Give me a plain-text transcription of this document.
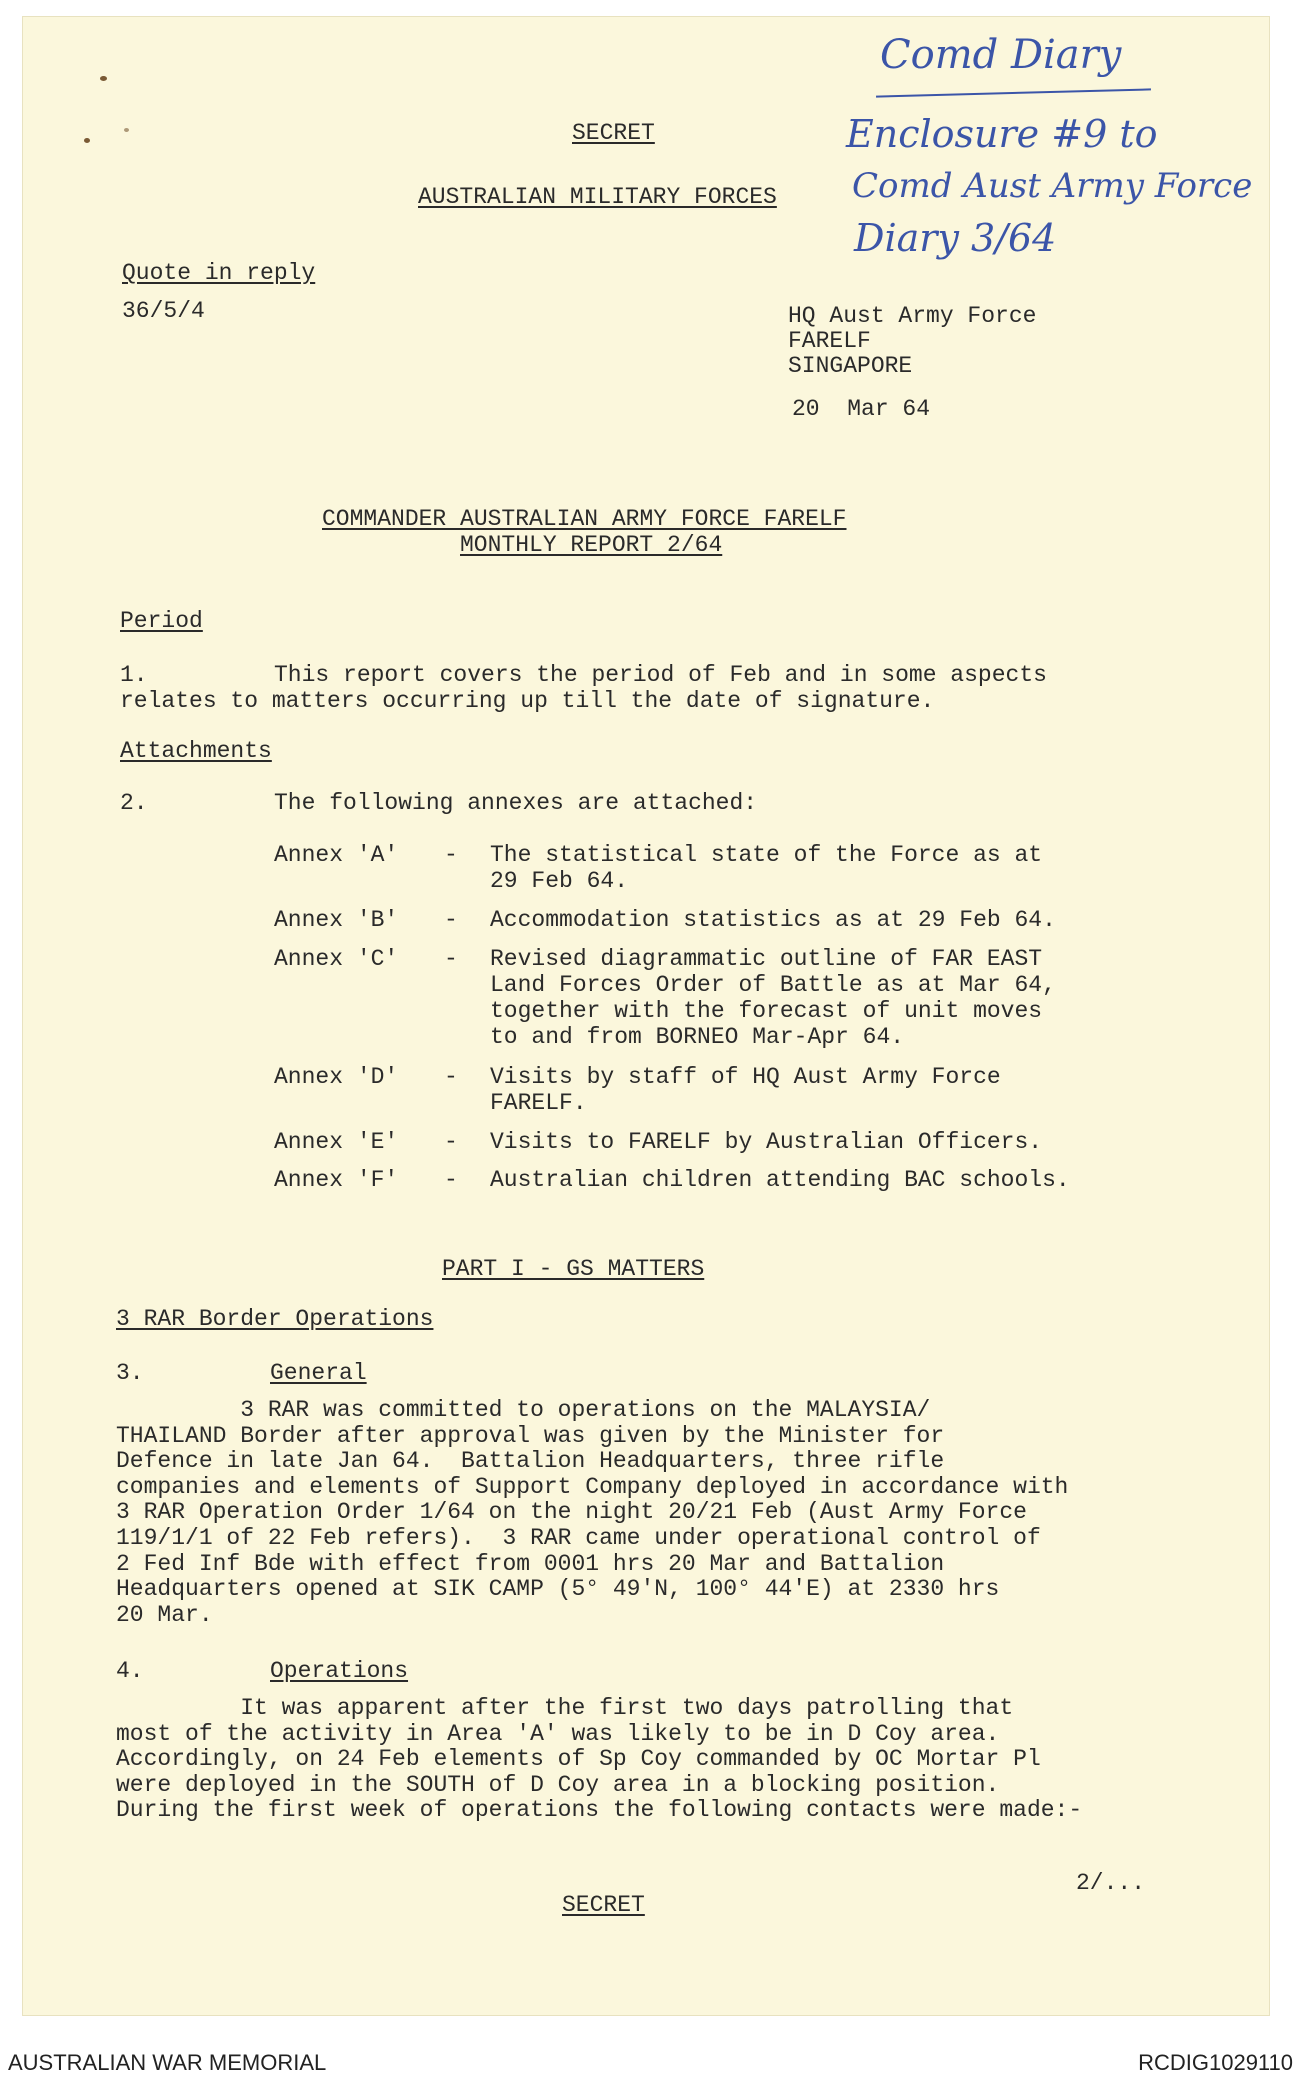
Comd Diary
Enclosure #9 to
Comd Aust Army Force
Diary 3/64
SECRET
AUSTRALIAN MILITARY FORCES
Quote in reply
36/5/4	HQ Aust Army Force
FARELF
SINGAPORE
20  Mar 64
COMMANDER AUSTRALIAN ARMY FORCE FARELF
MONTHLY REPORT 2/64
Period
1.	This report covers the period of Feb and in some aspects
relates to matters occurring up till the date of signature.
Attachments
2.	The following annexes are attached:
Annex 'A' - The statistical state of the Force as at
29 Feb 64.
Annex 'B' - Accommodation statistics as at 29 Feb 64.
Annex 'C' - Revised diagrammatic outline of FAR EAST
Land Forces Order of Battle as at Mar 64,
together with the forecast of unit moves
to and from BORNEO Mar-Apr 64.
Annex 'D' - Visits by staff of HQ Aust Army Force
FARELF.
Annex 'E' - Visits to FARELF by Australian Officers.
Annex 'F' - Australian children attending BAC schools.
PART I - GS MATTERS
3 RAR Border Operations
3.	General
3 RAR was committed to operations on the MALAYSIA/
THAILAND Border after approval was given by the Minister for
Defence in late Jan 64.  Battalion Headquarters, three rifle
companies and elements of Support Company deployed in accordance with
3 RAR Operation Order 1/64 on the night 20/21 Feb (Aust Army Force
119/1/1 of 22 Feb refers).  3 RAR came under operational control of
2 Fed Inf Bde with effect from 0001 hrs 20 Mar and Battalion
Headquarters opened at SIK CAMP (5° 49'N, 100° 44'E) at 2330 hrs
20 Mar.
4.	Operations
It was apparent after the first two days patrolling that
most of the activity in Area 'A' was likely to be in D Coy area.
Accordingly, on 24 Feb elements of Sp Coy commanded by OC Mortar Pl
were deployed in the SOUTH of D Coy area in a blocking position.
During the first week of operations the following contacts were made:-
2/...
SECRET
AUSTRALIAN WAR MEMORIAL	RCDIG1029110
